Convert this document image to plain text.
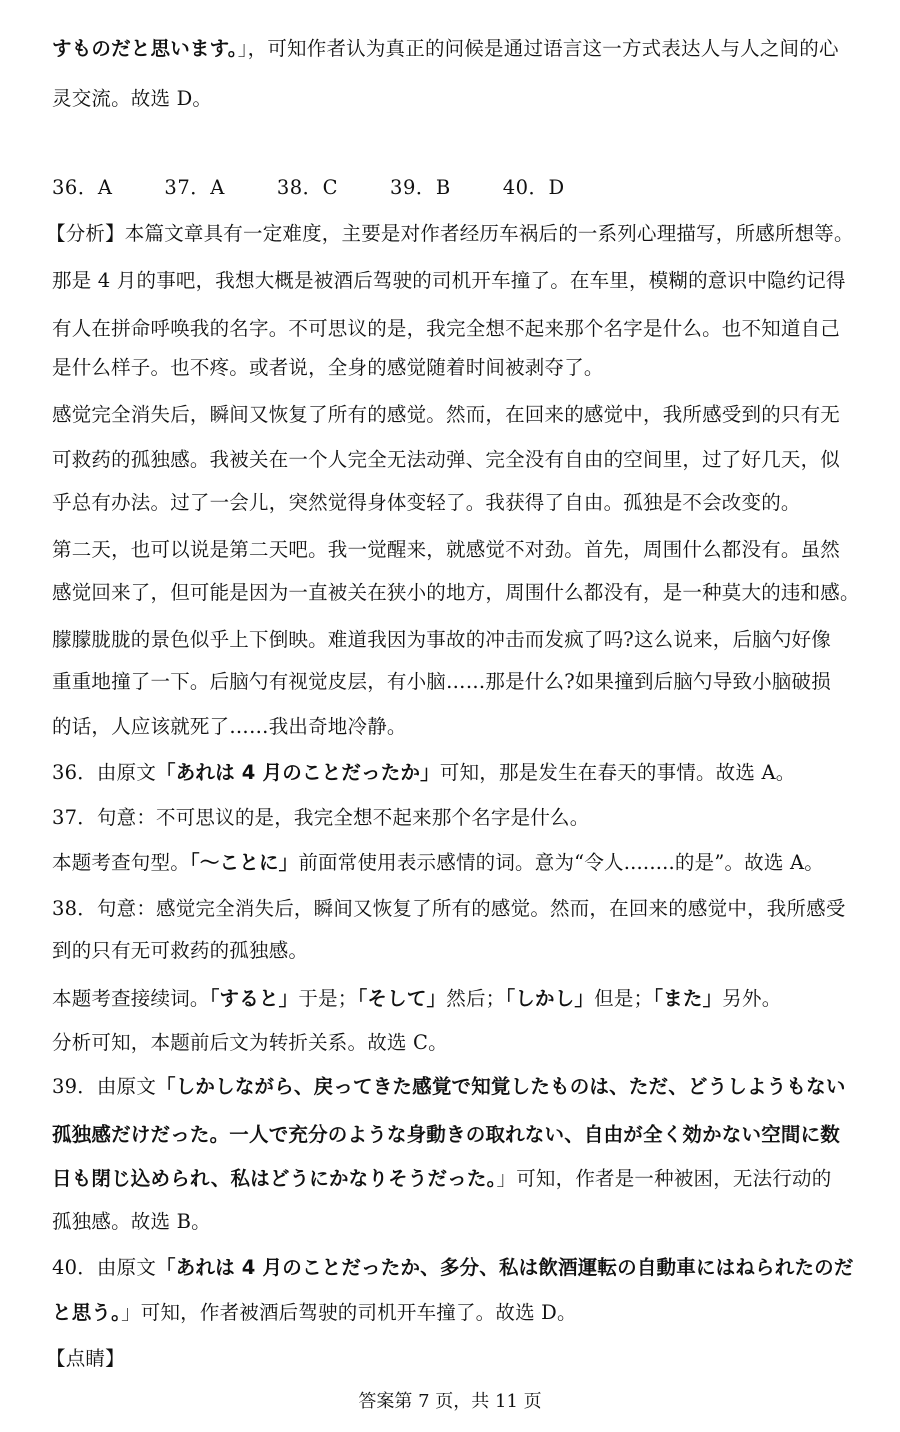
すものだと思います。」，可知作者认为真正的问候是通过语言这一方式表达人与人之间的心
灵交流。故选 D。
36．A	37．A	38．C	39．B	40．D
【分析】本篇文章具有一定难度，主要是对作者经历车祸后的一系列心理描写，所感所想等。
那是 4 月的事吧，我想大概是被酒后驾驶的司机开车撞了。在车里，模糊的意识中隐约记得
有人在拼命呼唤我的名字。不可思议的是，我完全想不起来那个名字是什么。也不知道自己
是什么样子。也不疼。或者说，全身的感觉随着时间被剥夺了。
感觉完全消失后，瞬间又恢复了所有的感觉。然而，在回来的感觉中，我所感受到的只有无
可救药的孤独感。我被关在一个人完全无法动弹、完全没有自由的空间里，过了好几天，似
乎总有办法。过了一会儿，突然觉得身体变轻了。我获得了自由。孤独是不会改变的。
第二天，也可以说是第二天吧。我一觉醒来，就感觉不对劲。首先，周围什么都没有。虽然
感觉回来了，但可能是因为一直被关在狭小的地方，周围什么都没有，是一种莫大的违和感。
朦朦胧胧的景色似乎上下倒映。难道我因为事故的冲击而发疯了吗?这么说来，后脑勺好像
重重地撞了一下。后脑勺有视觉皮层，有小脑……那是什么?如果撞到后脑勺导致小脑破损
的话，人应该就死了……我出奇地冷静。
36．由原文「あれは 4 月のことだったか」可知，那是发生在春天的事情。故选 A。
37．句意：不可思议的是，我完全想不起来那个名字是什么。
本题考查句型。「～ことに」前面常使用表示感情的词。意为“令人........的是”。故选 A。
38．句意：感觉完全消失后，瞬间又恢复了所有的感觉。然而，在回来的感觉中，我所感受
到的只有无可救药的孤独感。
本题考查接续词。「すると」于是；「そして」然后；「しかし」但是；「また」另外。
分析可知，本题前后文为转折关系。故选 C。
39．由原文「しかしながら、戻ってきた感覚で知覚したものは、ただ、どうしようもない
孤独感だけだった。一人で充分のような身動きの取れない、自由が全く効かない空間に数
日も閉じ込められ、私はどうにかなりそうだった。」可知，作者是一种被困，无法行动的
孤独感。故选 B。
40．由原文「あれは 4 月のことだったか、多分、私は飲酒運転の自動車にはねられたのだ
と思う。」可知，作者被酒后驾驶的司机开车撞了。故选 D。
【点睛】
答案第 7 页，共 11 页
